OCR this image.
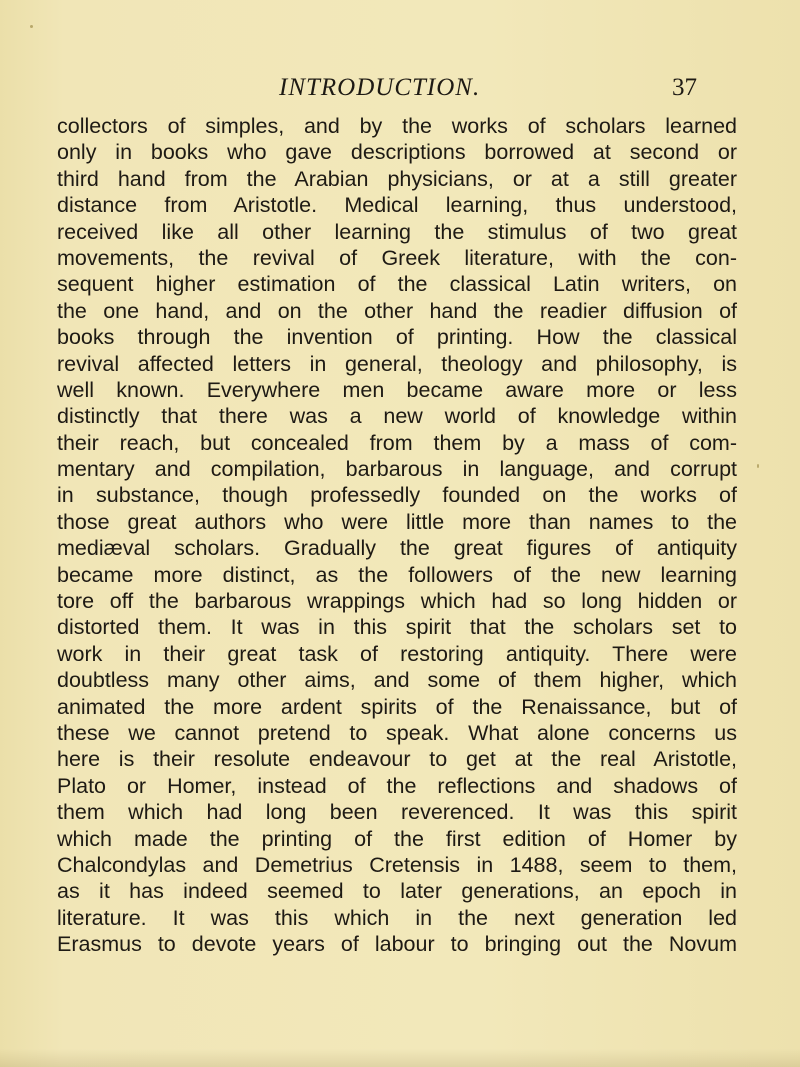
INTRODUCTION.	37
collectors of simples, and by the works of scholars learned
only in books who gave descriptions borrowed at second or
third hand from the Arabian physicians, or at a still greater
distance from Aristotle. Medical learning, thus understood,
received like all other learning the stimulus of two great
movements, the revival of Greek literature, with the con-
sequent higher estimation of the classical Latin writers, on
the one hand, and on the other hand the readier diffusion of
books through the invention of printing. How the classical
revival affected letters in general, theology and philosophy, is
well known. Everywhere men became aware more or less
distinctly that there was a new world of knowledge within
their reach, but concealed from them by a mass of com-
mentary and compilation, barbarous in language, and corrupt
in substance, though professedly founded on the works of
those great authors who were little more than names to the
mediæval scholars. Gradually the great figures of antiquity
became more distinct, as the followers of the new learning
tore off the barbarous wrappings which had so long hidden or
distorted them. It was in this spirit that the scholars set to
work in their great task of restoring antiquity. There were
doubtless many other aims, and some of them higher, which
animated the more ardent spirits of the Renaissance, but of
these we cannot pretend to speak. What alone concerns us
here is their resolute endeavour to get at the real Aristotle,
Plato or Homer, instead of the reflections and shadows of
them which had long been reverenced. It was this spirit
which made the printing of the first edition of Homer by
Chalcondylas and Demetrius Cretensis in 1488, seem to them,
as it has indeed seemed to later generations, an epoch in
literature. It was this which in the next generation led
Erasmus to devote years of labour to bringing out the Novum
